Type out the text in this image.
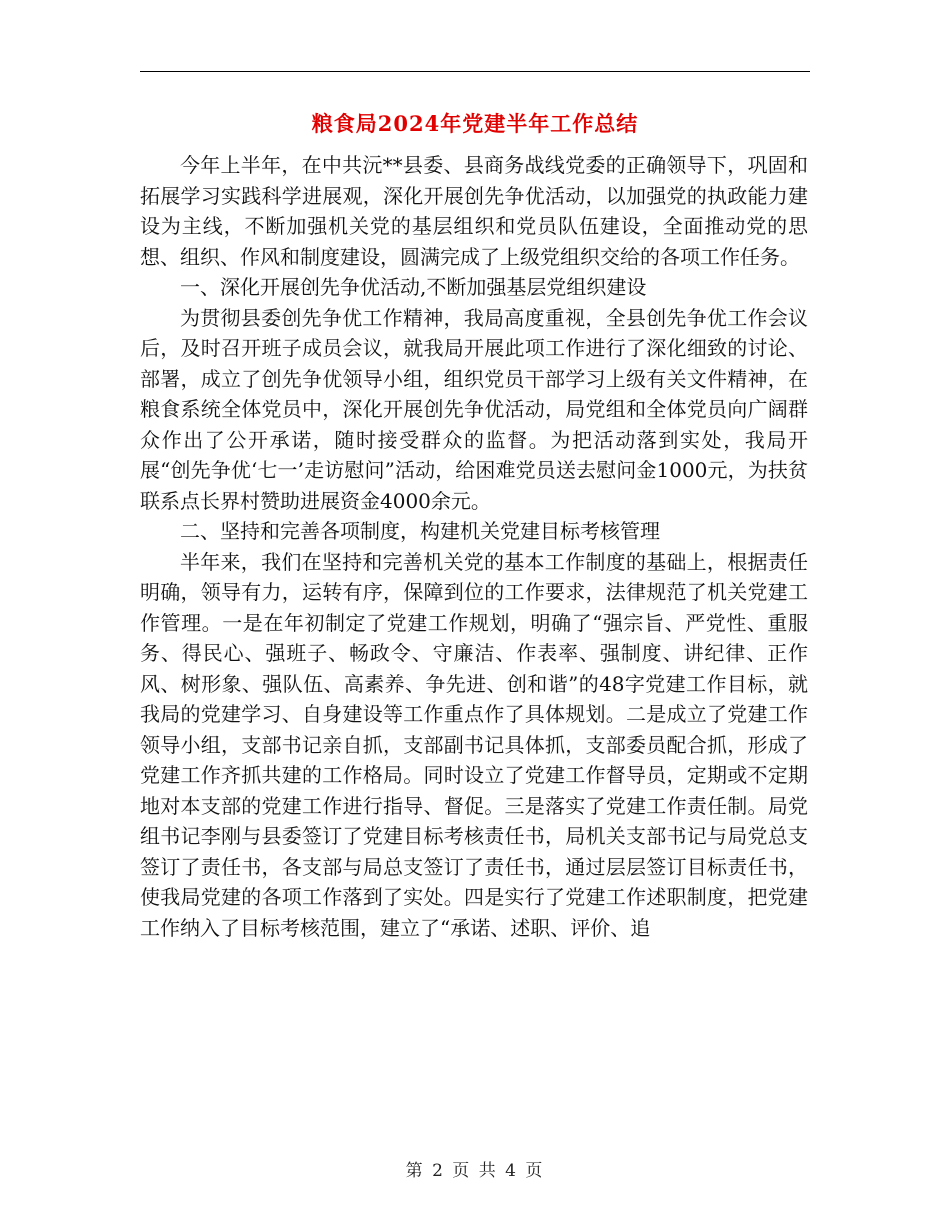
粮食局2024年党建半年工作总结

今年上半年，在中共沅**县委、县商务战线党委的正确领导下，巩固和拓展学习实践科学进展观，深化开展创先争优活动，以加强党的执政能力建设为主线，不断加强机关党的基层组织和党员队伍建设，全面推动党的思想、组织、作风和制度建设，圆满完成了上级党组织交给的各项工作任务。

一、深化开展创先争优活动,不断加强基层党组织建设

为贯彻县委创先争优工作精神，我局高度重视，全县创先争优工作会议后，及时召开班子成员会议，就我局开展此项工作进行了深化细致的讨论、部署，成立了创先争优领导小组，组织党员干部学习上级有关文件精神，在粮食系统全体党员中，深化开展创先争优活动，局党组和全体党员向广阔群众作出了公开承诺，随时接受群众的监督。为把活动落到实处，我局开展“创先争优‘七一’走访慰问”活动，给困难党员送去慰问金1000元，为扶贫联系点长界村赞助进展资金4000余元。

二、坚持和完善各项制度，构建机关党建目标考核管理

半年来，我们在坚持和完善机关党的基本工作制度的基础上，根据责任明确，领导有力，运转有序，保障到位的工作要求，法律规范了机关党建工作管理。一是在年初制定了党建工作规划，明确了“强宗旨、严党性、重服务、得民心、强班子、畅政令、守廉洁、作表率、强制度、讲纪律、正作风、树形象、强队伍、高素养、争先进、创和谐”的48字党建工作目标，就我局的党建学习、自身建设等工作重点作了具体规划。二是成立了党建工作领导小组，支部书记亲自抓，支部副书记具体抓，支部委员配合抓，形成了党建工作齐抓共建的工作格局。同时设立了党建工作督导员，定期或不定期地对本支部的党建工作进行指导、督促。三是落实了党建工作责任制。局党组书记李刚与县委签订了党建目标考核责任书，局机关支部书记与局党总支签订了责任书，各支部与局总支签订了责任书，通过层层签订目标责任书，使我局党建的各项工作落到了实处。四是实行了党建工作述职制度，把党建工作纳入了目标考核范围，建立了“承诺、述职、评价、追

第 2 页 共 4 页
